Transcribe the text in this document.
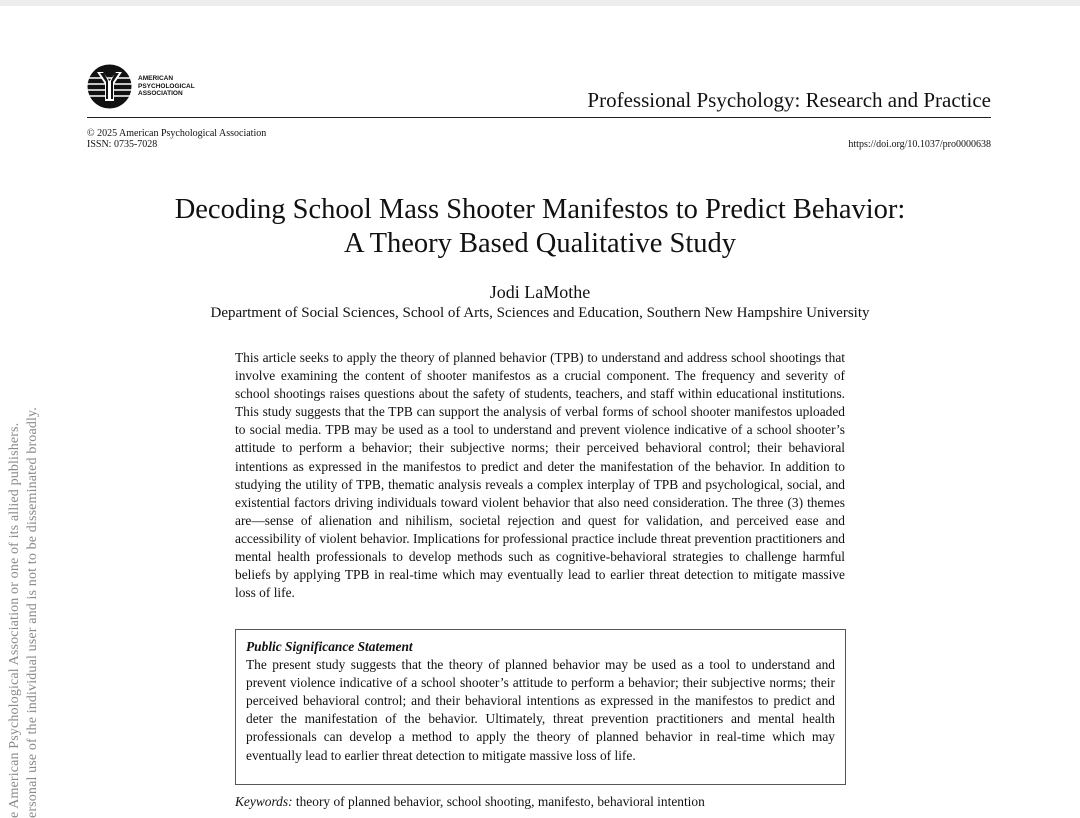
e American Psychological Association or one of its allied publishers. ersonal use of the individual user and is not to be disseminated broadly.
AMERICAN
PSYCHOLOGICAL
ASSOCIATION	Professional Psychology: Research and Practice
© 2025 American Psychological Association
ISSN: 0735-7028	https://doi.org/10.1037/pro0000638
Decoding School Mass Shooter Manifestos to Predict Behavior:
A Theory Based Qualitative Study
Jodi LaMothe
Department of Social Sciences, School of Arts, Sciences and Education, Southern New Hampshire University
This article seeks to apply the theory of planned behavior (TPB) to understand and address school shootings that involve examining the content of shooter manifestos as a crucial component. The frequency and severity of school shootings raises questions about the safety of students, teachers, and staff within educational institutions. This study suggests that the TPB can support the analysis of verbal forms of school shooter manifestos uploaded to social media. TPB may be used as a tool to understand and prevent violence indicative of a school shooter’s attitude to perform a behavior; their subjective norms; their perceived behavioral control; their behavioral intentions as expressed in the manifestos to predict and deter the manifestation of the behavior. In addition to studying the utility of TPB, thematic analysis reveals a complex interplay of TPB and psychological, social, and existential factors driving individuals toward violent behavior that also need consideration. The three (3) themes are—sense of alienation and nihilism, societal rejection and quest for validation, and perceived ease and accessibility of violent behavior. Implications for professional practice include threat prevention practitioners and mental health professionals to develop methods such as cognitive-behavioral strategies to challenge harmful beliefs by applying TPB in real-time which may eventually lead to earlier threat detection to mitigate massive loss of life.
Public Significance Statement
The present study suggests that the theory of planned behavior may be used as a tool to understand and prevent violence indicative of a school shooter’s attitude to perform a behavior; their subjective norms; their perceived behavioral control; and their behavioral intentions as expressed in the manifestos to predict and deter the manifestation of the behavior. Ultimately, threat prevention practitioners and mental health professionals can develop a method to apply the theory of planned behavior in real-time which may eventually lead to earlier threat detection to mitigate massive loss of life.
Keywords: theory of planned behavior, school shooting, manifesto, behavioral intention
